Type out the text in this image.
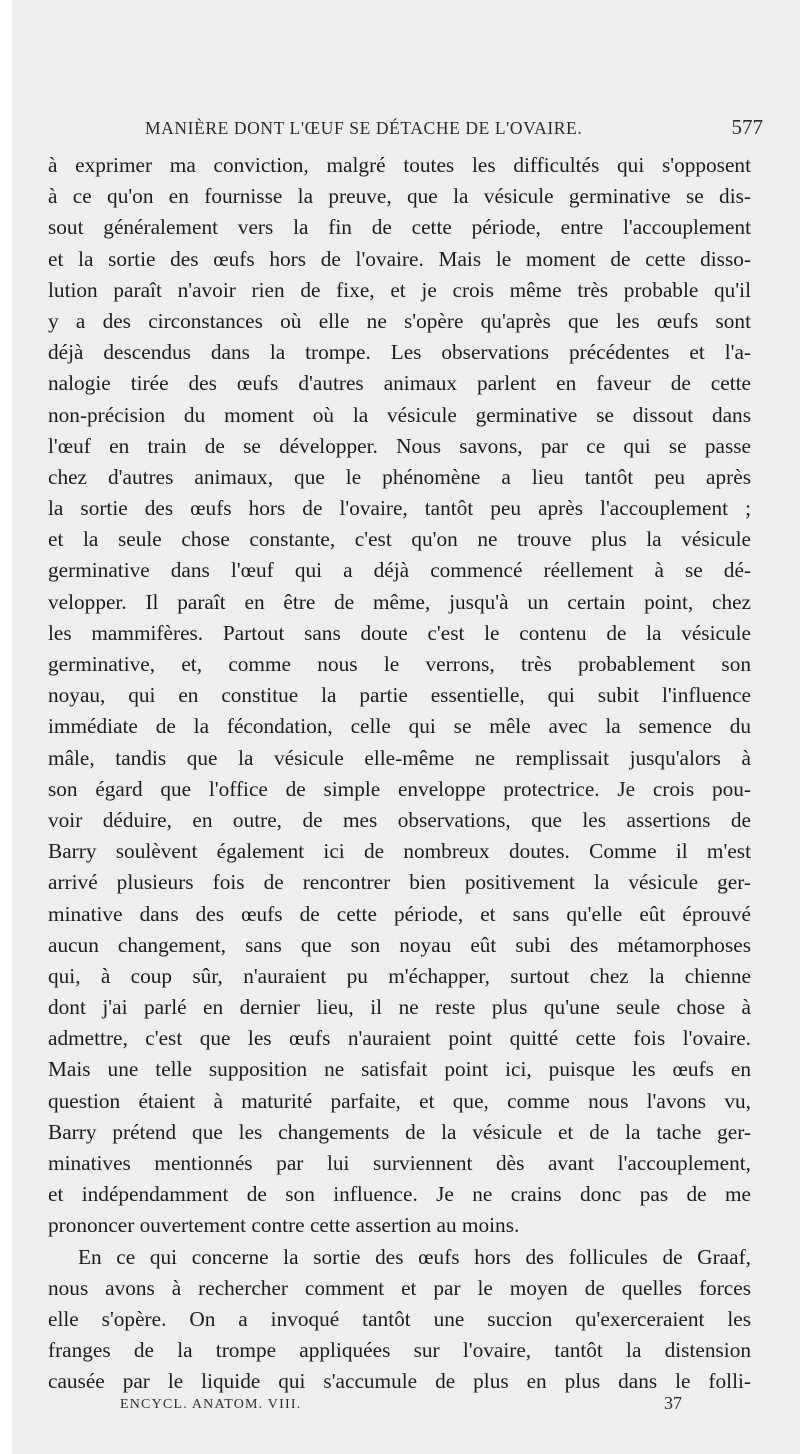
MANIÈRE DONT L'ŒUF SE DÉTACHE DE L'OVAIRE.	577
à exprimer ma conviction, malgré toutes les difficultés qui s'opposent
à ce qu'on en fournisse la preuve, que la vésicule germinative se dis-
sout généralement vers la fin de cette période, entre l'accouplement
et la sortie des œufs hors de l'ovaire. Mais le moment de cette disso-
lution paraît n'avoir rien de fixe, et je crois même très probable qu'il
y a des circonstances où elle ne s'opère qu'après que les œufs sont
déjà descendus dans la trompe. Les observations précédentes et l'a-
nalogie tirée des œufs d'autres animaux parlent en faveur de cette
non-précision du moment où la vésicule germinative se dissout dans
l'œuf en train de se développer. Nous savons, par ce qui se passe
chez d'autres animaux, que le phénomène a lieu tantôt peu après
la sortie des œufs hors de l'ovaire, tantôt peu après l'accouplement ;
et la seule chose constante, c'est qu'on ne trouve plus la vésicule
germinative dans l'œuf qui a déjà commencé réellement à se dé-
velopper. Il paraît en être de même, jusqu'à un certain point, chez
les mammifères. Partout sans doute c'est le contenu de la vésicule
germinative, et, comme nous le verrons, très probablement son
noyau, qui en constitue la partie essentielle, qui subit l'influence
immédiate de la fécondation, celle qui se mêle avec la semence du
mâle, tandis que la vésicule elle-même ne remplissait jusqu'alors à
son égard que l'office de simple enveloppe protectrice. Je crois pou-
voir déduire, en outre, de mes observations, que les assertions de
Barry soulèvent également ici de nombreux doutes. Comme il m'est
arrivé plusieurs fois de rencontrer bien positivement la vésicule ger-
minative dans des œufs de cette période, et sans qu'elle eût éprouvé
aucun changement, sans que son noyau eût subi des métamorphoses
qui, à coup sûr, n'auraient pu m'échapper, surtout chez la chienne
dont j'ai parlé en dernier lieu, il ne reste plus qu'une seule chose à
admettre, c'est que les œufs n'auraient point quitté cette fois l'ovaire.
Mais une telle supposition ne satisfait point ici, puisque les œufs en
question étaient à maturité parfaite, et que, comme nous l'avons vu,
Barry prétend que les changements de la vésicule et de la tache ger-
minatives mentionnés par lui surviennent dès avant l'accouplement,
et indépendamment de son influence. Je ne crains donc pas de me
prononcer ouvertement contre cette assertion au moins.
En ce qui concerne la sortie des œufs hors des follicules de Graaf,
nous avons à rechercher comment et par le moyen de quelles forces
elle s'opère. On a invoqué tantôt une succion qu'exerceraient les
franges de la trompe appliquées sur l'ovaire, tantôt la distension
causée par le liquide qui s'accumule de plus en plus dans le folli-
ENCYCL. ANATOM. VIII.	37
